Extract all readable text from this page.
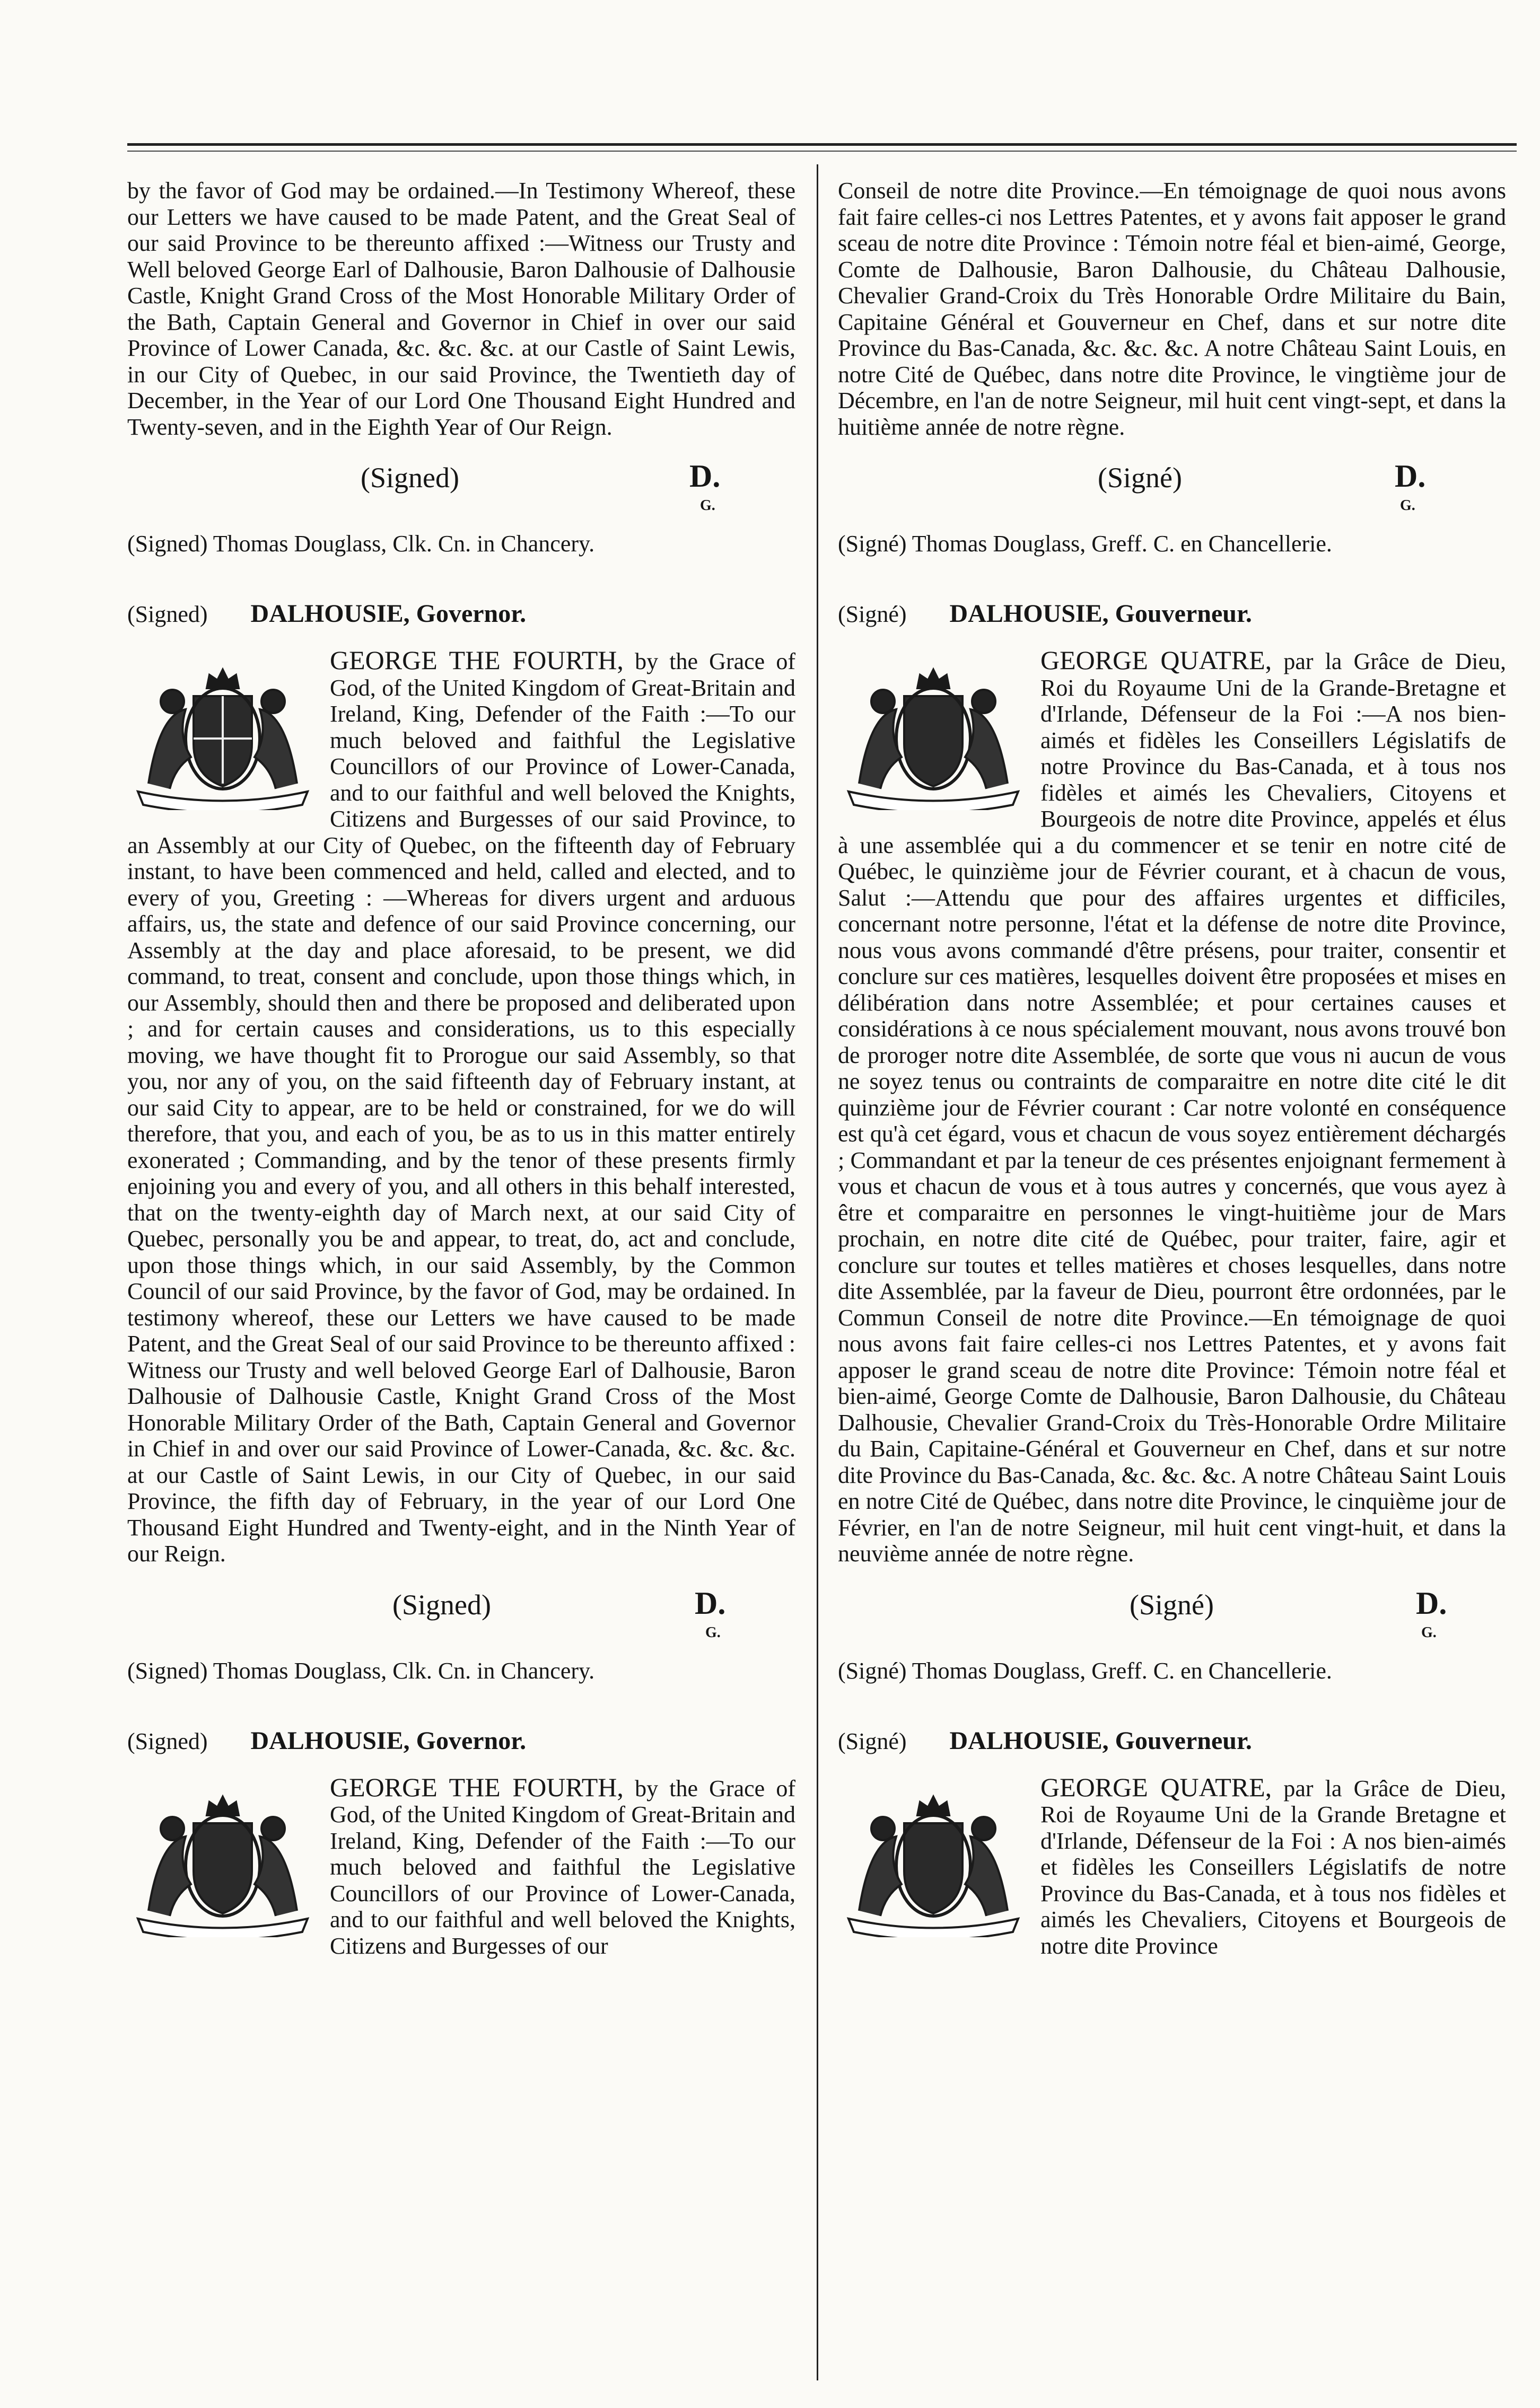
by the favor of God may be ordained.—In Testimony Whereof, these our Letters we have caused to be made Patent, and the Great Seal of our said Province to be thereunto affixed :—Witness our Trusty and Well beloved George Earl of Dalhousie, Baron Dalhousie of Dalhousie Castle, Knight Grand Cross of the Most Honorable Military Order of the Bath, Captain General and Governor in Chief in over our said Province of Lower Canada, &c. &c. &c. at our Castle of Saint Lewis, in our City of Quebec, in our said Province, the Twentieth day of December, in the Year of our Lord One Thousand Eight Hundred and Twenty-seven, and in the Eighth Year of Our Reign.

(Signed)	D.
G.
(Signed) Thomas Douglass, Clk. Cn. in Chancery.
(Signed) DALHOUSIE, Governor.

GEORGE THE FOURTH, by the Grace of God, of the United Kingdom of Great-Britain and Ireland, King, Defender of the Faith :—To our much beloved and faithful the Legislative Councillors of our Province of Lower-Canada, and to our faithful and well beloved the Knights, Citizens and Burgesses of our said Province, to an Assembly at our City of Quebec, on the fifteenth day of February instant, to have been commenced and held, called and elected, and to every of you, Greeting : —Whereas for divers urgent and arduous affairs, us, the state and defence of our said Province concerning, our Assembly at the day and place aforesaid, to be present, we did command, to treat, consent and conclude, upon those things which, in our Assembly, should then and there be proposed and deliberated upon ; and for certain causes and considerations, us to this especially moving, we have thought fit to Prorogue our said Assembly, so that you, nor any of you, on the said fifteenth day of February instant, at our said City to appear, are to be held or constrained, for we do will therefore, that you, and each of you, be as to us in this matter entirely exonerated ; Commanding, and by the tenor of these presents firmly enjoining you and every of you, and all others in this behalf interested, that on the twenty-eighth day of March next, at our said City of Quebec, personally you be and appear, to treat, do, act and conclude, upon those things which, in our said Assembly, by the Common Council of our said Province, by the favor of God, may be ordained. In testimony whereof, these our Letters we have caused to be made Patent, and the Great Seal of our said Province to be thereunto affixed : Witness our Trusty and well beloved George Earl of Dalhousie, Baron Dalhousie of Dalhousie Castle, Knight Grand Cross of the Most Honorable Military Order of the Bath, Captain General and Governor in Chief in and over our said Province of Lower-Canada, &c. &c. &c. at our Castle of Saint Lewis, in our City of Quebec, in our said Province, the fifth day of February, in the year of our Lord One Thousand Eight Hundred and Twenty-eight, and in the Ninth Year of our Reign.

(Signed)	D.
G.
(Signed) Thomas Douglass, Clk. Cn. in Chancery.
(Signed) DALHOUSIE, Governor.

GEORGE THE FOURTH, by the Grace of God, of the United Kingdom of Great-Britain and Ireland, King, Defender of the Faith :—To our much beloved and faithful the Legislative Councillors of our Province of Lower-Canada, and to our faithful and well beloved the Knights, Citizens and Burgesses of our

Conseil de notre dite Province.—En témoignage de quoi nous avons fait faire celles-ci nos Lettres Patentes, et y avons fait apposer le grand sceau de notre dite Province : Témoin notre féal et bien-aimé, George, Comte de Dalhousie, Baron Dalhousie, du Château Dalhousie, Chevalier Grand-Croix du Très Honorable Ordre Militaire du Bain, Capitaine Général et Gouverneur en Chef, dans et sur notre dite Province du Bas-Canada, &c. &c. &c. A notre Château Saint Louis, en notre Cité de Québec, dans notre dite Province, le vingtième jour de Décembre, en l'an de notre Seigneur, mil huit cent vingt-sept, et dans la huitième année de notre règne.

(Signé)	D.
G.
(Signé) Thomas Douglass, Greff. C. en Chancellerie.
(Signé) DALHOUSIE, Gouverneur.

GEORGE QUATRE, par la Grâce de Dieu, Roi du Royaume Uni de la Grande-Bretagne et d'Irlande, Défenseur de la Foi :—A nos bien-aimés et fidèles les Conseillers Législatifs de notre Province du Bas-Canada, et à tous nos fidèles et aimés les Chevaliers, Citoyens et Bourgeois de notre dite Province, appelés et élus à une assemblée qui a du commencer et se tenir en notre cité de Québec, le quinzième jour de Février courant, et à chacun de vous, Salut :—Attendu que pour des affaires urgentes et difficiles, concernant notre personne, l'état et la défense de notre dite Province, nous vous avons commandé d'être présens, pour traiter, consentir et conclure sur ces matières, lesquelles doivent être proposées et mises en délibération dans notre Assemblée; et pour certaines causes et considérations à ce nous spécialement mouvant, nous avons trouvé bon de proroger notre dite Assemblée, de sorte que vous ni aucun de vous ne soyez tenus ou contraints de comparaitre en notre dite cité le dit quinzième jour de Février courant : Car notre volonté en conséquence est qu'à cet égard, vous et chacun de vous soyez entièrement déchargés ; Commandant et par la teneur de ces présentes enjoignant fermement à vous et chacun de vous et à tous autres y concernés, que vous ayez à être et comparaitre en personnes le vingt-huitième jour de Mars prochain, en notre dite cité de Québec, pour traiter, faire, agir et conclure sur toutes et telles matières et choses lesquelles, dans notre dite Assemblée, par la faveur de Dieu, pourront être ordonnées, par le Commun Conseil de notre dite Province.—En témoignage de quoi nous avons fait faire celles-ci nos Lettres Patentes, et y avons fait apposer le grand sceau de notre dite Province: Témoin notre féal et bien-aimé, George Comte de Dalhousie, Baron Dalhousie, du Château Dalhousie, Chevalier Grand-Croix du Très-Honorable Ordre Militaire du Bain, Capitaine-Général et Gouverneur en Chef, dans et sur notre dite Province du Bas-Canada, &c. &c. &c. A notre Château Saint Louis en notre Cité de Québec, dans notre dite Province, le cinquième jour de Février, en l'an de notre Seigneur, mil huit cent vingt-huit, et dans la neuvième année de notre règne.

(Signé)	D.
G.
(Signé) Thomas Douglass, Greff. C. en Chancellerie.
(Signé) DALHOUSIE, Gouverneur.

GEORGE QUATRE, par la Grâce de Dieu, Roi de Royaume Uni de la Grande Bretagne et d'Irlande, Défenseur de la Foi : A nos bien-aimés et fidèles les Conseillers Législatifs de notre Province du Bas-Canada, et à tous nos fidèles et aimés les Chevaliers, Citoyens et Bourgeois de notre dite Province
